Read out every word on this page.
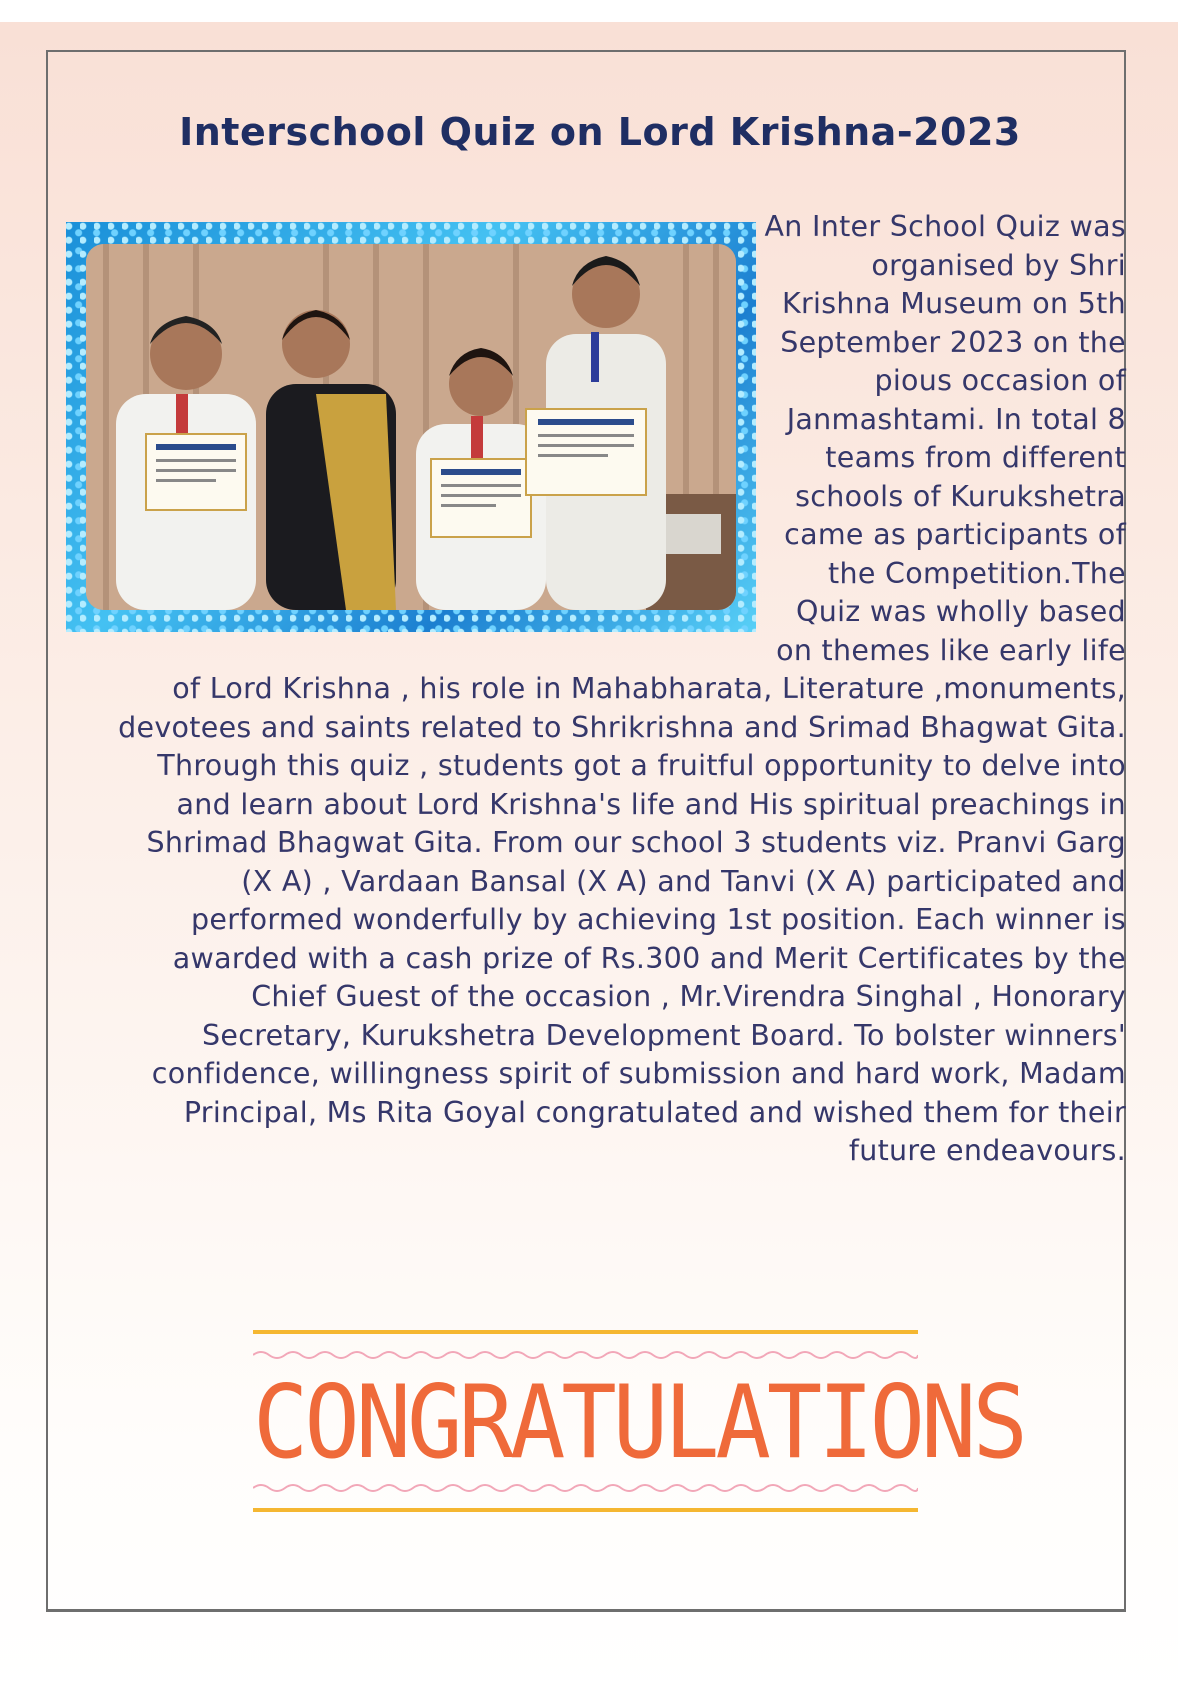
Interschool Quiz on Lord Krishna-2023
An Inter School Quiz was organised by Shri Krishna Museum on 5th September 2023 on the pious occasion of Janmashtami. In total 8 teams from different schools of Kurukshetra came as participants of the Competition.The Quiz was wholly based on themes like early life of Lord Krishna , his role in Mahabharata, Literature ,monuments, devotees and saints related to Shrikrishna and Srimad Bhagwat Gita. Through this quiz , students got a fruitful opportunity to delve into and learn about Lord Krishna's life and His spiritual preachings in Shrimad Bhagwat Gita. From our school 3 students viz. Pranvi Garg (X A) , Vardaan Bansal (X A) and Tanvi (X A) participated and performed wonderfully by achieving 1st position. Each winner is awarded with a cash prize of Rs.300 and Merit Certificates by the Chief Guest of the occasion , Mr.Virendra Singhal , Honorary Secretary, Kurukshetra Development Board. To bolster winners' confidence, willingness spirit of submission and hard work, Madam Principal, Ms Rita Goyal congratulated and wished them for their future endeavours.
CONGRATULATIONS
